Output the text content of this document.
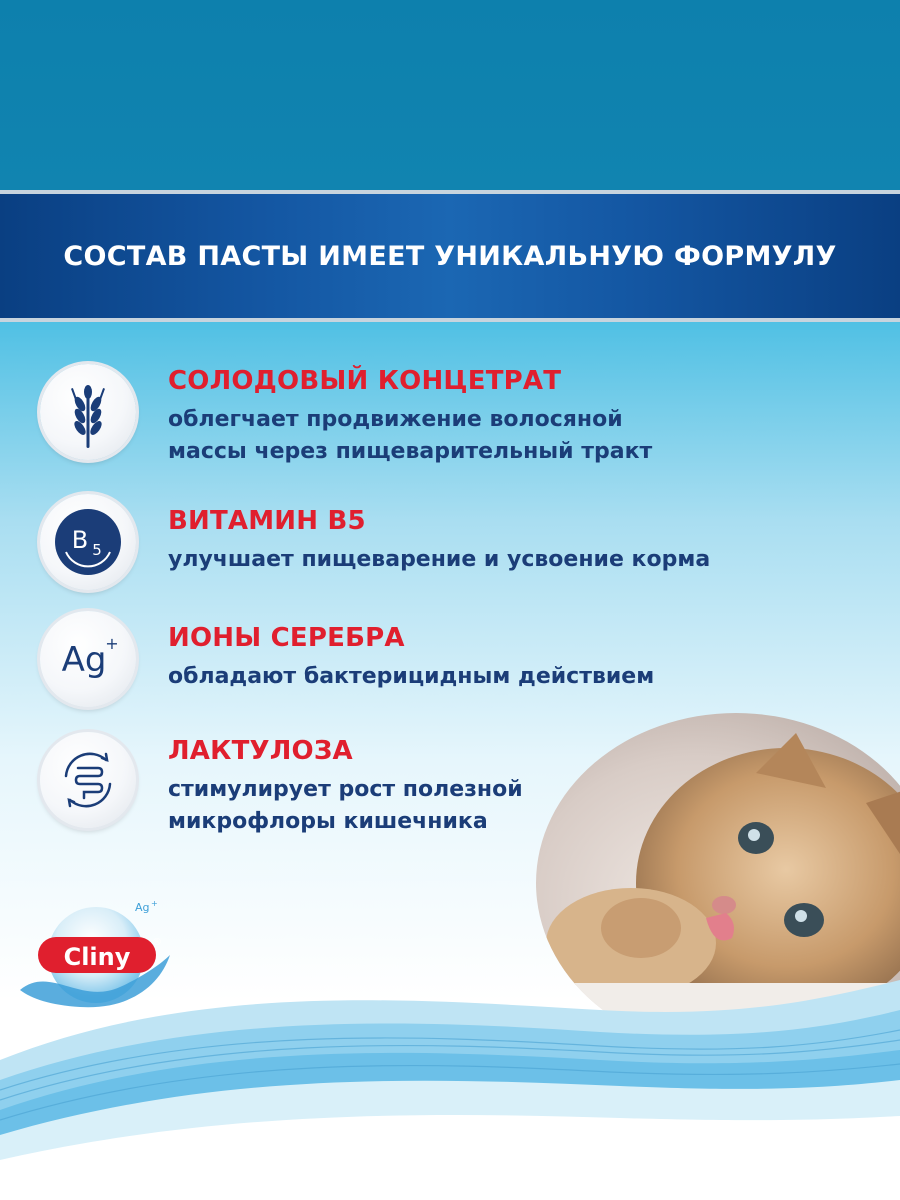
СОСТАВ ПАСТЫ ИМЕЕТ УНИКАЛЬНУЮ ФОРМУЛУ
СОЛОДОВЫЙ КОНЦЕТРАТ

облегчает продвижение волосяной
массы через пищеварительный тракт

B 5
ВИТАМИН В5

улучшает пищеварение и усвоение корма

Ag
+ ИОНЫ СЕРЕБРА

обладают бактерицидным действием

ЛАКТУЛОЗА

стимулирует рост полезной
микрофлоры кишечника

Cliny
®
Ag +
